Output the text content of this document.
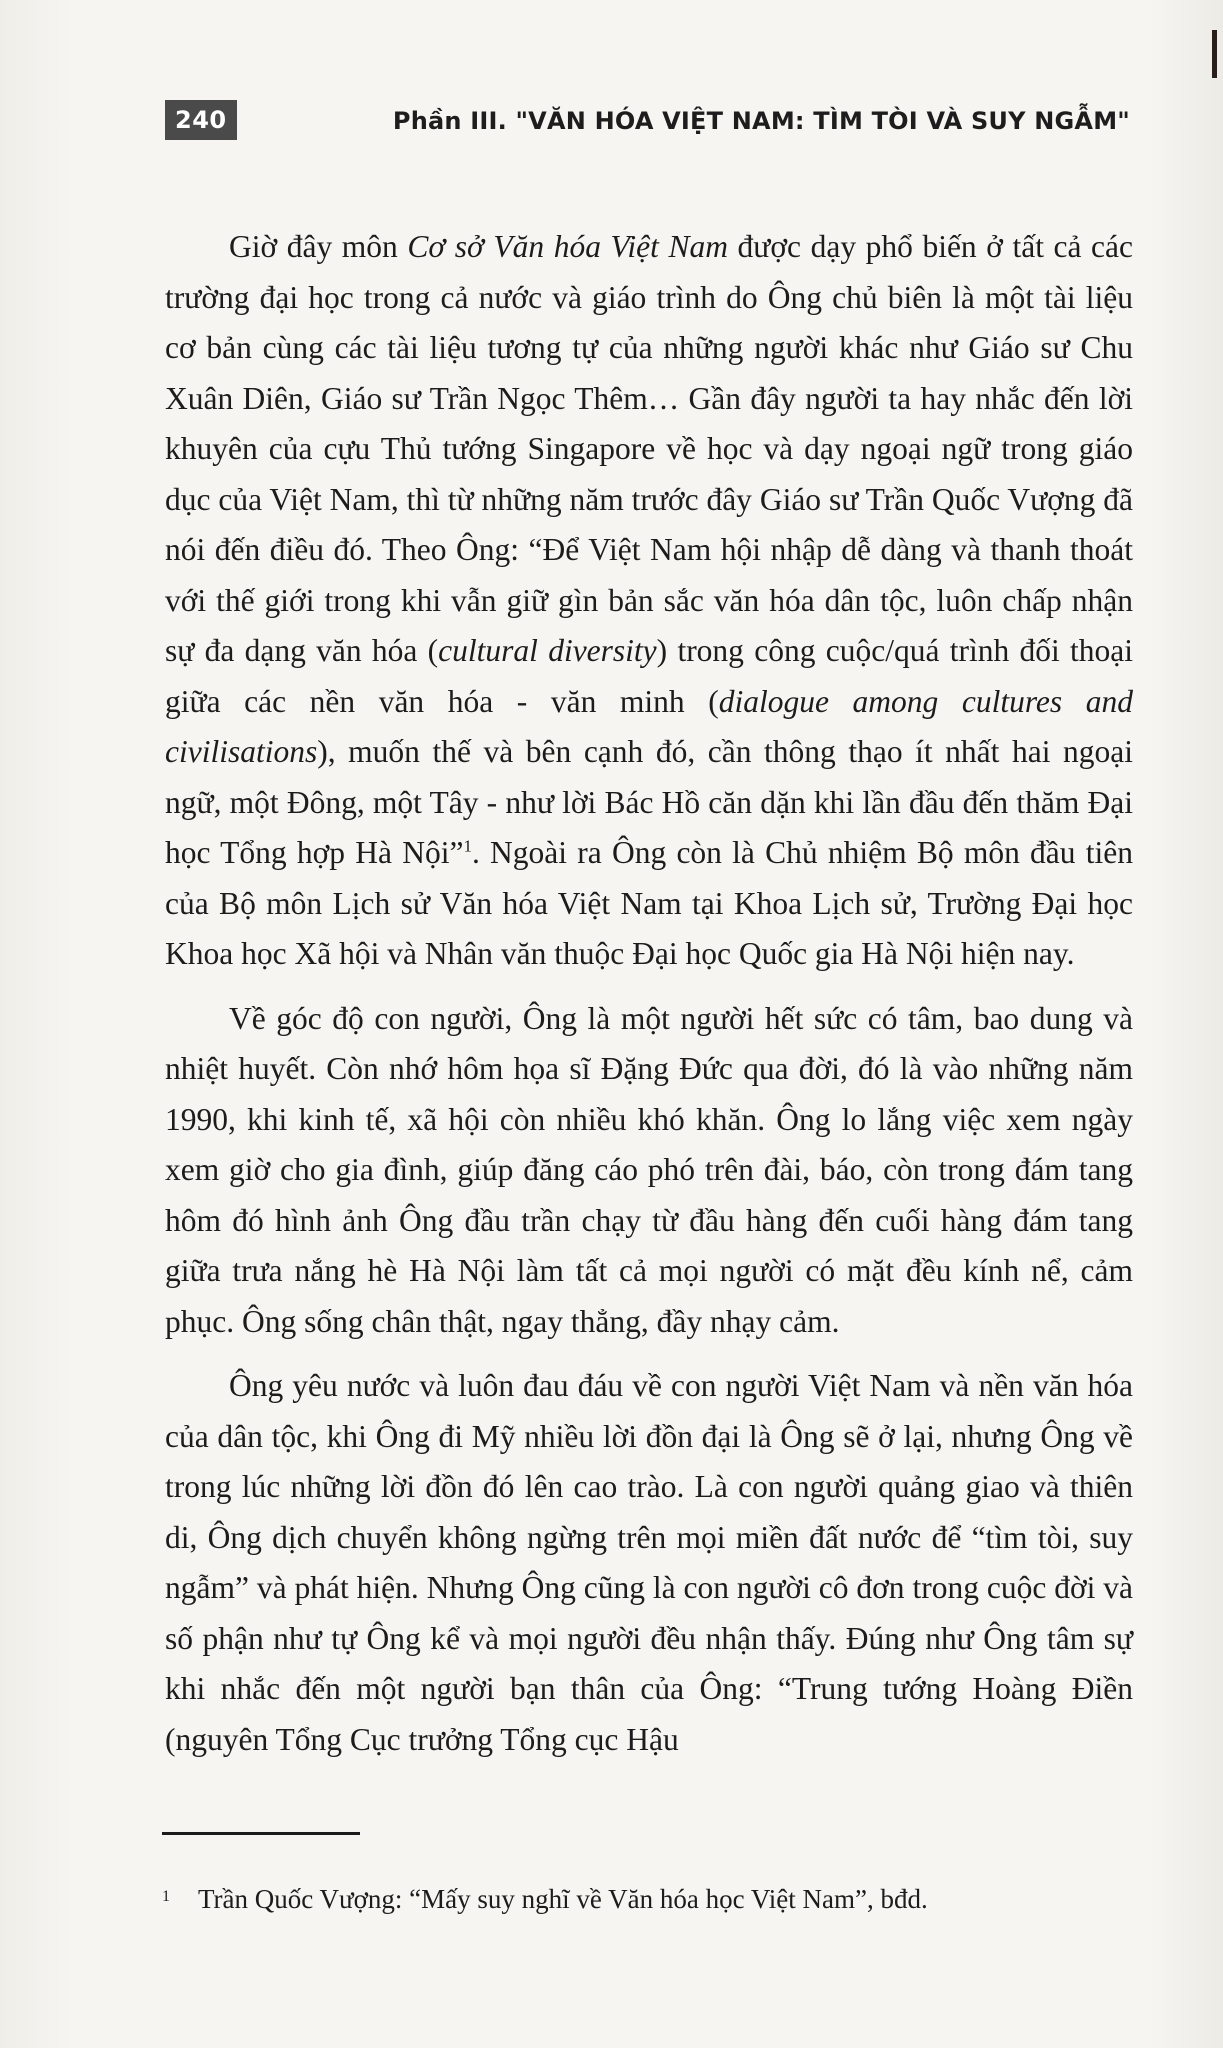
240	Phần III. "VĂN HÓA VIỆT NAM: TÌM TÒI VÀ SUY NGẪM"

Giờ đây môn Cơ sở Văn hóa Việt Nam được dạy phổ biến ở tất cả các trường đại học trong cả nước và giáo trình do Ông chủ biên là một tài liệu cơ bản cùng các tài liệu tương tự của những người khác như Giáo sư Chu Xuân Diên, Giáo sư Trần Ngọc Thêm… Gần đây người ta hay nhắc đến lời khuyên của cựu Thủ tướng Singapore về học và dạy ngoại ngữ trong giáo dục của Việt Nam, thì từ những năm trước đây Giáo sư Trần Quốc Vượng đã nói đến điều đó. Theo Ông: “Để Việt Nam hội nhập dễ dàng và thanh thoát với thế giới trong khi vẫn giữ gìn bản sắc văn hóa dân tộc, luôn chấp nhận sự đa dạng văn hóa (cultural diversity) trong công cuộc/quá trình đối thoại giữa các nền văn hóa - văn minh (dialogue among cultures and civilisations), muốn thế và bên cạnh đó, cần thông thạo ít nhất hai ngoại ngữ, một Đông, một Tây - như lời Bác Hồ căn dặn khi lần đầu đến thăm Đại học Tổng hợp Hà Nội”$^1$. Ngoài ra Ông còn là Chủ nhiệm Bộ môn đầu tiên của Bộ môn Lịch sử Văn hóa Việt Nam tại Khoa Lịch sử, Trường Đại học Khoa học Xã hội và Nhân văn thuộc Đại học Quốc gia Hà Nội hiện nay.

Về góc độ con người, Ông là một người hết sức có tâm, bao dung và nhiệt huyết. Còn nhớ hôm họa sĩ Đặng Đức qua đời, đó là vào những năm 1990, khi kinh tế, xã hội còn nhiều khó khăn. Ông lo lắng việc xem ngày xem giờ cho gia đình, giúp đăng cáo phó trên đài, báo, còn trong đám tang hôm đó hình ảnh Ông đầu trần chạy từ đầu hàng đến cuối hàng đám tang giữa trưa nắng hè Hà Nội làm tất cả mọi người có mặt đều kính nể, cảm phục. Ông sống chân thật, ngay thẳng, đầy nhạy cảm.

Ông yêu nước và luôn đau đáu về con người Việt Nam và nền văn hóa của dân tộc, khi Ông đi Mỹ nhiều lời đồn đại là Ông sẽ ở lại, nhưng Ông về trong lúc những lời đồn đó lên cao trào. Là con người quảng giao và thiên di, Ông dịch chuyển không ngừng trên mọi miền đất nước để “tìm tòi, suy ngẫm” và phát hiện. Nhưng Ông cũng là con người cô đơn trong cuộc đời và số phận như tự Ông kể và mọi người đều nhận thấy. Đúng như Ông tâm sự khi nhắc đến một người bạn thân của Ông: “Trung tướng Hoàng Điền (nguyên Tổng Cục trưởng Tổng cục Hậu

1 Trần Quốc Vượng: “Mấy suy nghĩ về Văn hóa học Việt Nam”, bđd.
